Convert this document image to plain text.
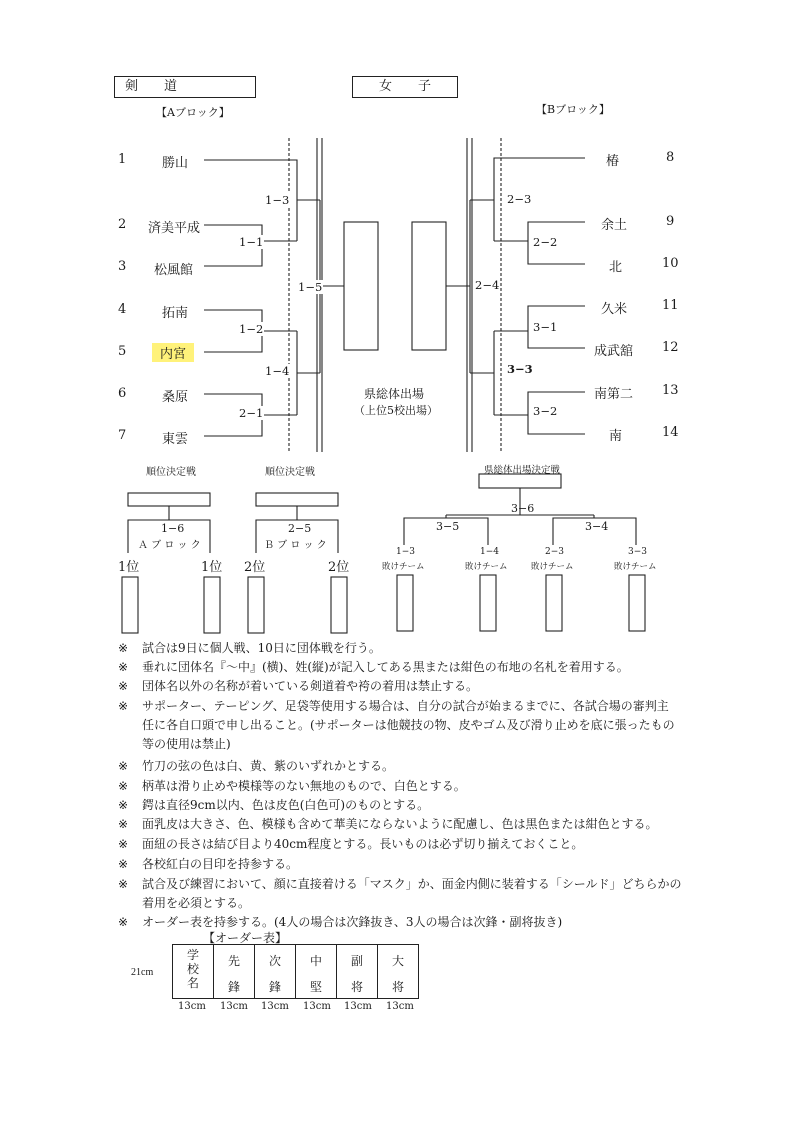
剣　　道	女　　子
【Aブロック】	【Bブロック】
1	勝山
2 済美平成
3 松風館
4	拓南
5	内宮
6	桑原
7	東雲
椿	8
余土	9
北	10
久米	11
成武舘 12
南第二 13
南	14
1−3
1−1
1−5
1−2
1−4
2−1
2−3
2−2
2−4
3−1
3−3
3−2
県総体出場
（上位5校出場）
順位決定戦
1−6
Ａ ブ ロ ッ ク
1位	1位
順位決定戦
2−5
Ｂ ブ ロ ッ ク
2位	2位
県総体出場決定戦
3−6
3−5	3−4
1−3
敗けチーム
1−4
敗けチーム
2−3
敗けチーム
3−3
敗けチーム
※ 試合は9日に個人戦、10日に団体戦を行う。
※ 垂れに団体名『～中』(横)、姓(縦)が記入してある黒または紺色の布地の名札を着用する。
※ 団体名以外の名称が着いている剣道着や袴の着用は禁止する。
※ サポーター、テーピング、足袋等使用する場合は、自分の試合が始まるまでに、各試合場の審判主
任に各自口頭で申し出ること。(サポーターは他競技の物、皮やゴム及び滑り止めを底に張ったもの
等の使用は禁止)
※ 竹刀の弦の色は白、黄、紫のいずれかとする。
※ 柄革は滑り止めや模様等のない無地のもので、白色とする。
※ 鍔は直径9cm以内、色は皮色(白色可)のものとする。
※ 面乳皮は大きさ、色、模様も含めて華美にならないように配慮し、色は黒色または紺色とする。
※ 面紐の長さは結び目より40cm程度とする。長いものは必ず切り揃えておくこと。
※ 各校紅白の目印を持参する。
※ 試合及び練習において、顔に直接着ける「マスク」か、面金内側に装着する「シールド」どちらかの
着用を必須とする。
※ オーダー表を持参する。(4人の場合は次鋒抜き、3人の場合は次鋒・副将抜き)
【オーダー表】
21cm
学校名
先鋒
次鋒
中堅
副将
大将
13cm 13cm 13cm 13cm 13cm 13cm
